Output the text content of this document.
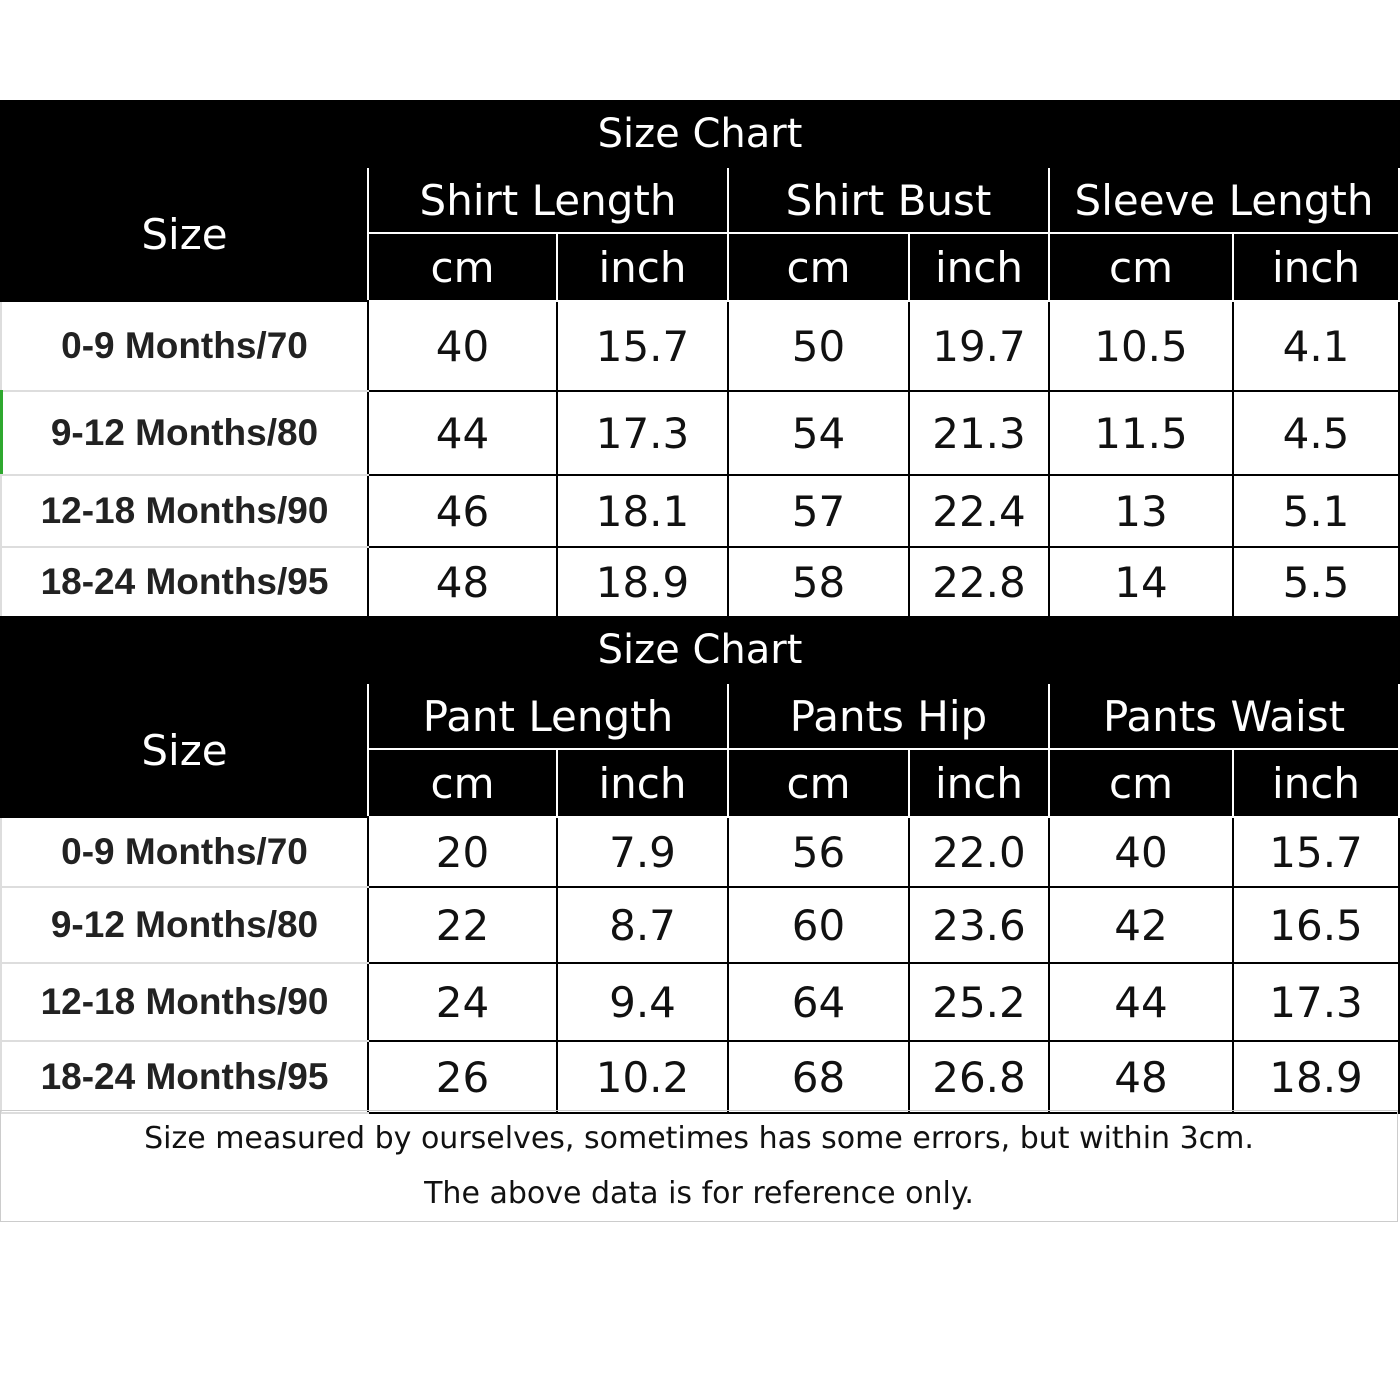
Size Chart						
Size	Shirt Length		Shirt Bust		Sleeve Length	
	cm	inch	cm	inch	cm	inch
0-9 Months/70	40	15.7	50	19.7	10.5	4.1
9-12 Months/80	44	17.3	54	21.3	11.5	4.5
12-18 Months/90	46	18.1	57	22.4	13	5.1
18-24 Months/95	48	18.9	58	22.8	14	5.5
Size Chart						
Size	Pant Length		Pants Hip		Pants Waist	
	cm	inch	cm	inch	cm	inch
0-9 Months/70	20	7.9	56	22.0	40	15.7
9-12 Months/80	22	8.7	60	23.6	42	16.5
12-18 Months/90	24	9.4	64	25.2	44	17.3
18-24 Months/95	26	10.2	68	26.8	48	18.9
Size measured by ourselves, sometimes has some errors, but within 3cm.
The above data is for reference only.
